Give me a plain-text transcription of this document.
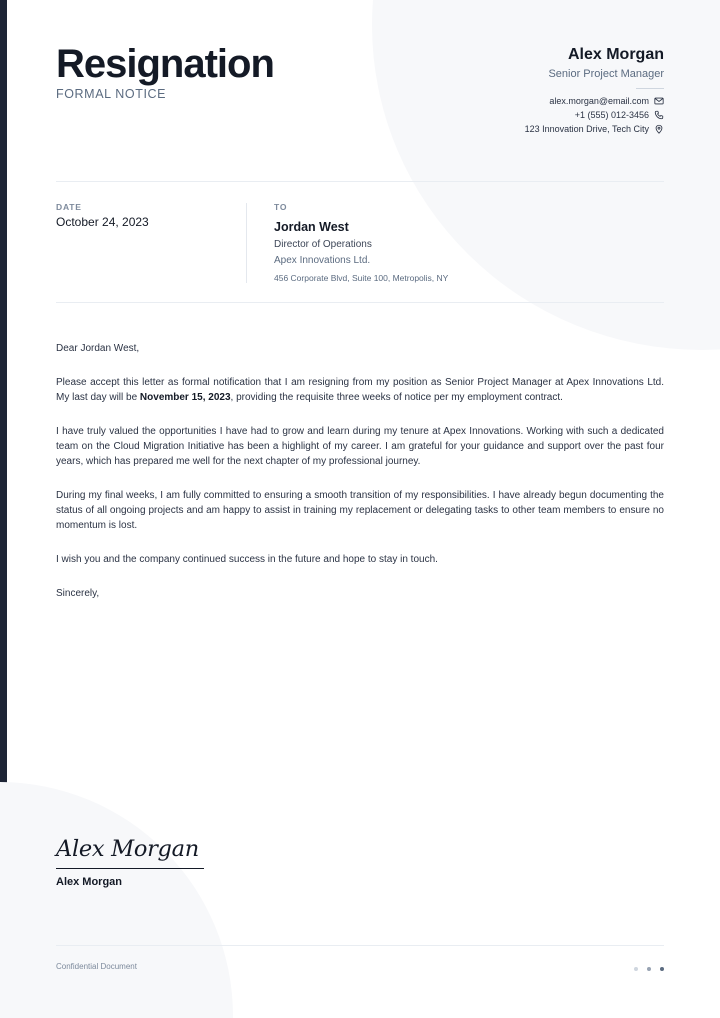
Resignation
FORMAL NOTICE
Alex Morgan
Senior Project Manager
alex.morgan@email.com
+1 (555) 012-3456
123 Innovation Drive, Tech City
DATE
October 24, 2023
TO
Jordan West
Director of Operations
Apex Innovations Ltd.
456 Corporate Blvd, Suite 100, Metropolis, NY
Dear Jordan West,
Please accept this letter as formal notification that I am resigning from my position as Senior Project Manager at Apex Innovations Ltd. My last day will be November 15, 2023, providing the requisite three weeks of notice per my employment contract.
I have truly valued the opportunities I have had to grow and learn during my tenure at Apex Innovations. Working with such a dedicated team on the Cloud Migration Initiative has been a highlight of my career. I am grateful for your guidance and support over the past four years, which has prepared me well for the next chapter of my professional journey.
During my final weeks, I am fully committed to ensuring a smooth transition of my responsibilities. I have already begun documenting the status of all ongoing projects and am happy to assist in training my replacement or delegating tasks to other team members to ensure no momentum is lost.
I wish you and the company continued success in the future and hope to stay in touch.
Sincerely,
Alex Morgan
Alex Morgan
Confidential Document
